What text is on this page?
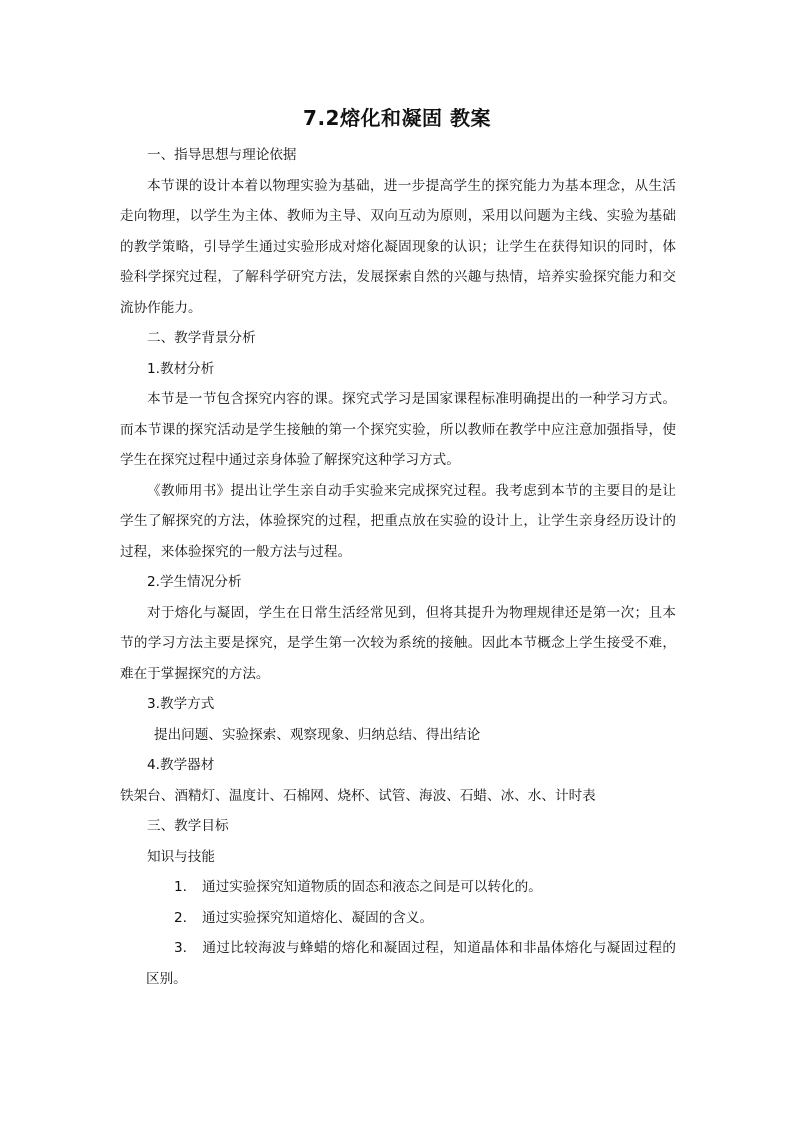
7.2熔化和凝固 教案

一、指导思想与理论依据

本节课的设计本着以物理实验为基础，进一步提高学生的探究能力为基本理念，从生活走向物理，以学生为主体、教师为主导、双向互动为原则，采用以问题为主线、实验为基础的教学策略，引导学生通过实验形成对熔化凝固现象的认识；让学生在获得知识的同时，体验科学探究过程，了解科学研究方法，发展探索自然的兴趣与热情，培养实验探究能力和交流协作能力。

二、教学背景分析

1.教材分析

本节是一节包含探究内容的课。探究式学习是国家课程标准明确提出的一种学习方式。而本节课的探究活动是学生接触的第一个探究实验，所以教师在教学中应注意加强指导，使学生在探究过程中通过亲身体验了解探究这种学习方式。

《教师用书》提出让学生亲自动手实验来完成探究过程。我考虑到本节的主要目的是让学生了解探究的方法，体验探究的过程，把重点放在实验的设计上，让学生亲身经历设计的过程，来体验探究的一般方法与过程。

2.学生情况分析

对于熔化与凝固，学生在日常生活经常见到，但将其提升为物理规律还是第一次；且本节的学习方法主要是探究，是学生第一次较为系统的接触。因此本节概念上学生接受不难，难在于掌握探究的方法。

3.教学方式

提出问题、实验探索、观察现象、归纳总结、得出结论

4.教学器材

铁架台、酒精灯、温度计、石棉网、烧杯、试管、海波、石蜡、冰、水、计时表

三、教学目标

知识与技能

1. 通过实验探究知道物质的固态和液态之间是可以转化的。

2. 通过实验探究知道熔化、凝固的含义。

3. 通过比较海波与蜂蜡的熔化和凝固过程，知道晶体和非晶体熔化与凝固过程的区别。
